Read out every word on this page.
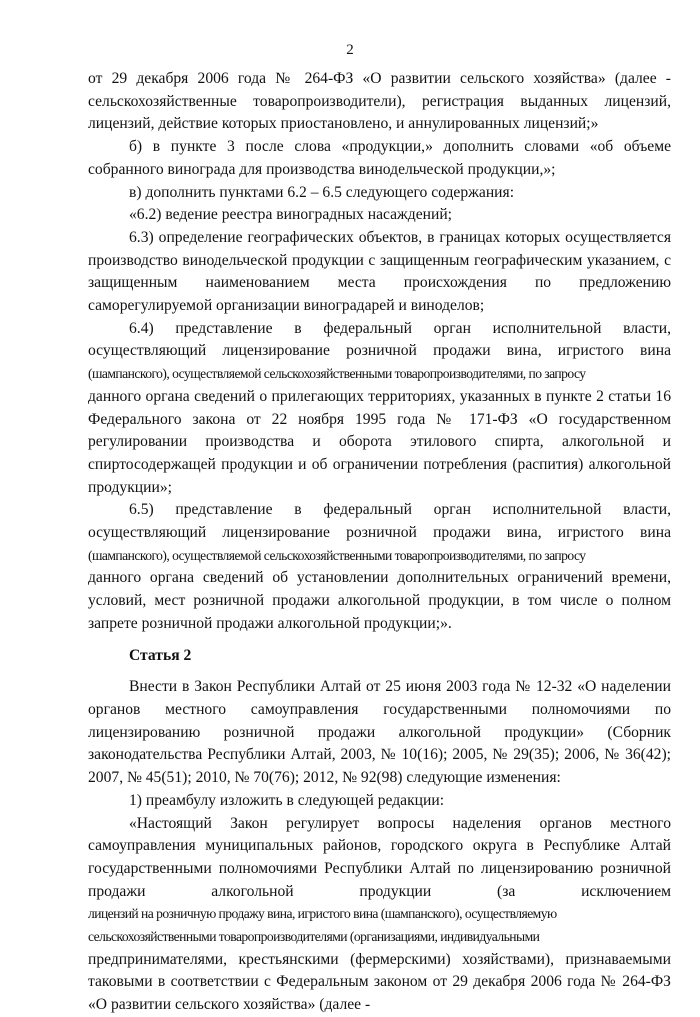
2

от 29 декабря 2006 года № 264-ФЗ «О развитии сельского хозяйства» (далее - сельскохозяйственные товаропроизводители), регистрация выданных лицензий, лицензий, действие которых приостановлено, и аннулированных лицензий;»

б) в пункте 3 после слова «продукции,» дополнить словами «об объеме собранного винограда для производства винодельческой продукции,»;

в) дополнить пунктами 6.2 – 6.5 следующего содержания:

«6.2) ведение реестра виноградных насаждений;

6.3) определение географических объектов, в границах которых осуществляется производство винодельческой продукции с защищенным географическим указанием, с защищенным наименованием места происхождения по предложению саморегулируемой организации виноградарей и виноделов;

6.4) представление в федеральный орган исполнительной власти, осуществляющий лицензирование розничной продажи вина, игристого вина

(шампанского), осуществляемой сельскохозяйственными товаропроизводителями, по запросу

данного органа сведений о прилегающих территориях, указанных в пункте 2 статьи 16 Федерального закона от 22 ноября 1995 года № 171-ФЗ «О государственном регулировании производства и оборота этилового спирта, алкогольной и спиртосодержащей продукции и об ограничении потребления (распития) алкогольной продукции»;

6.5) представление в федеральный орган исполнительной власти, осуществляющий лицензирование розничной продажи вина, игристого вина

(шампанского), осуществляемой сельскохозяйственными товаропроизводителями, по запросу

данного органа сведений об установлении дополнительных ограничений времени, условий, мест розничной продажи алкогольной продукции, в том числе о полном запрете розничной продажи алкогольной продукции;».

Статья 2

Внести в Закон Республики Алтай от 25 июня 2003 года № 12-32 «О наделении органов местного самоуправления государственными полномочиями по лицензированию розничной продажи алкогольной продукции» (Сборник законодательства Республики Алтай, 2003, № 10(16); 2005, № 29(35); 2006, № 36(42); 2007, № 45(51); 2010, № 70(76); 2012, № 92(98) следующие изменения:

1) преамбулу изложить в следующей редакции:

«Настоящий Закон регулирует вопросы наделения органов местного самоуправления муниципальных районов, городского округа в Республике Алтай государственными полномочиями Республики Алтай по лицензированию розничной продажи алкогольной продукции (за исключением

лицензий на розничную продажу вина, игристого вина (шампанского), осуществляемую

сельскохозяйственными товаропроизводителями (организациями, индивидуальными

предпринимателями, крестьянскими (фермерскими) хозяйствами), признаваемыми таковыми в соответствии с Федеральным законом от 29 декабря 2006 года № 264-ФЗ «О развитии сельского хозяйства» (далее -
